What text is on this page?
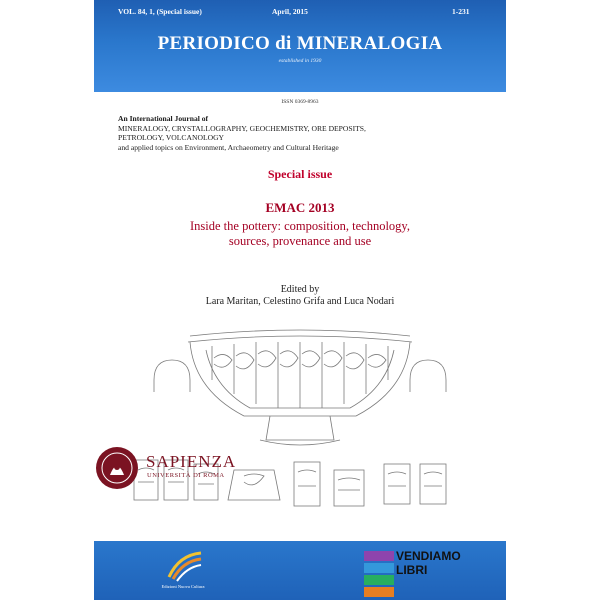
VOL. 84, 1, (Special issue)	April, 2015	1-231
PERIODICO di MINERALOGIA
established in 1930
ISSN 0369-8963
An International Journal of
MINERALOGY, CRYSTALLOGRAPHY, GEOCHEMISTRY, ORE DEPOSITS,
PETROLOGY, VOLCANOLOGY
and applied topics on Environment, Archaeometry and Cultural Heritage
Special issue
EMAC 2013
Inside the pottery: composition, technology,
sources, provenance and use
Edited by
Lara Maritan, Celestino Grifa and Luca Nodari
SAPIENZA
UNIVERSITÀ DI ROMA
Edizioni Nuova Cultura
VENDIAMO
LIBRI
